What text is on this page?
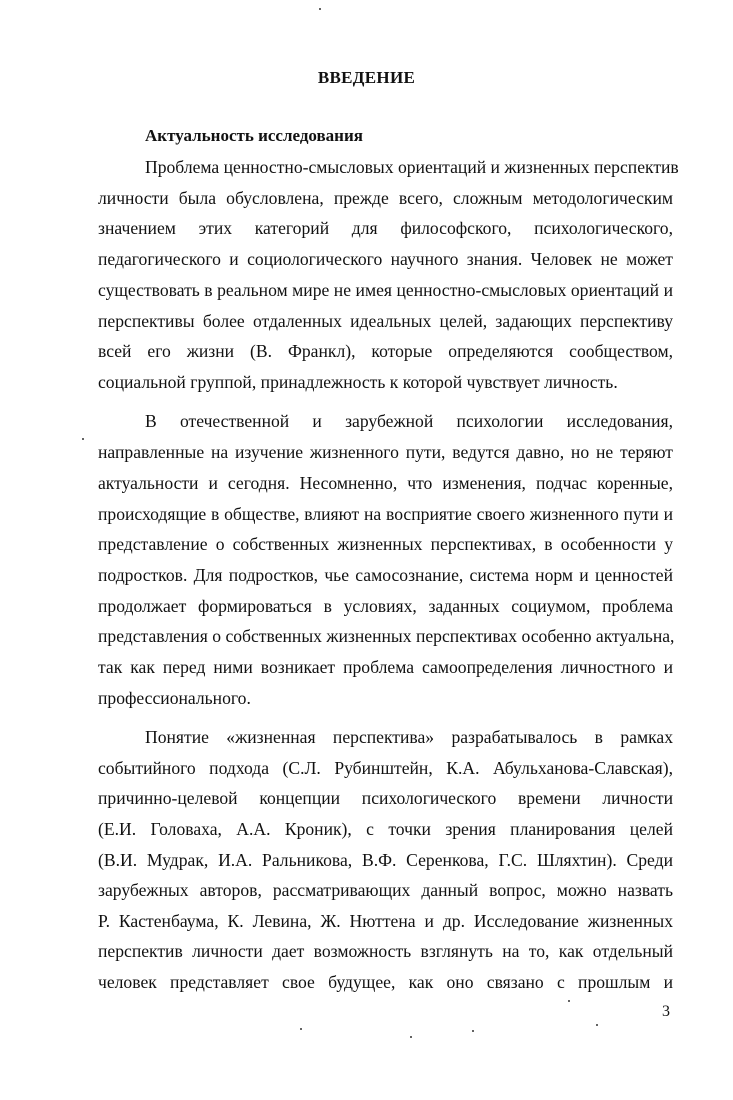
ВВЕДЕНИЕ
Актуальность исследования
Проблема ценностно-смысловых ориентаций и жизненных перспектив
личности была обусловлена, прежде всего, сложным методологическим
значением этих категорий для философского, психологического,
педагогического и социологического научного знания. Человек не может
существовать в реальном мире не имея ценностно-смысловых ориентаций и
перспективы более отдаленных идеальных целей, задающих перспективу
всей его жизни (В. Франкл), которые определяются сообществом,
социальной группой, принадлежность к которой чувствует личность.
В отечественной и зарубежной психологии исследования,
направленные на изучение жизненного пути, ведутся давно, но не теряют
актуальности и сегодня. Несомненно, что изменения, подчас коренные,
происходящие в обществе, влияют на восприятие своего жизненного пути и
представление о собственных жизненных перспективах, в особенности у
подростков. Для подростков, чье самосознание, система норм и ценностей
продолжает формироваться в условиях, заданных социумом, проблема
представления о собственных жизненных перспективах особенно актуальна,
так как перед ними возникает проблема самоопределения личностного и
профессионального.
Понятие «жизненная перспектива» разрабатывалось в рамках
событийного подхода (С.Л. Рубинштейн, К.А. Абульханова-Славская),
причинно-целевой концепции психологического времени личности
(Е.И. Головаха, А.А. Кроник), с точки зрения планирования целей
(В.И. Мудрак, И.А. Ральникова, В.Ф. Серенкова, Г.С. Шляхтин). Среди
зарубежных авторов, рассматривающих данный вопрос, можно назвать
Р. Кастенбаума, К. Левина, Ж. Нюттена и др. Исследование жизненных
перспектив личности дает возможность взглянуть на то, как отдельный
человек представляет свое будущее, как оно связано с прошлым и
3
